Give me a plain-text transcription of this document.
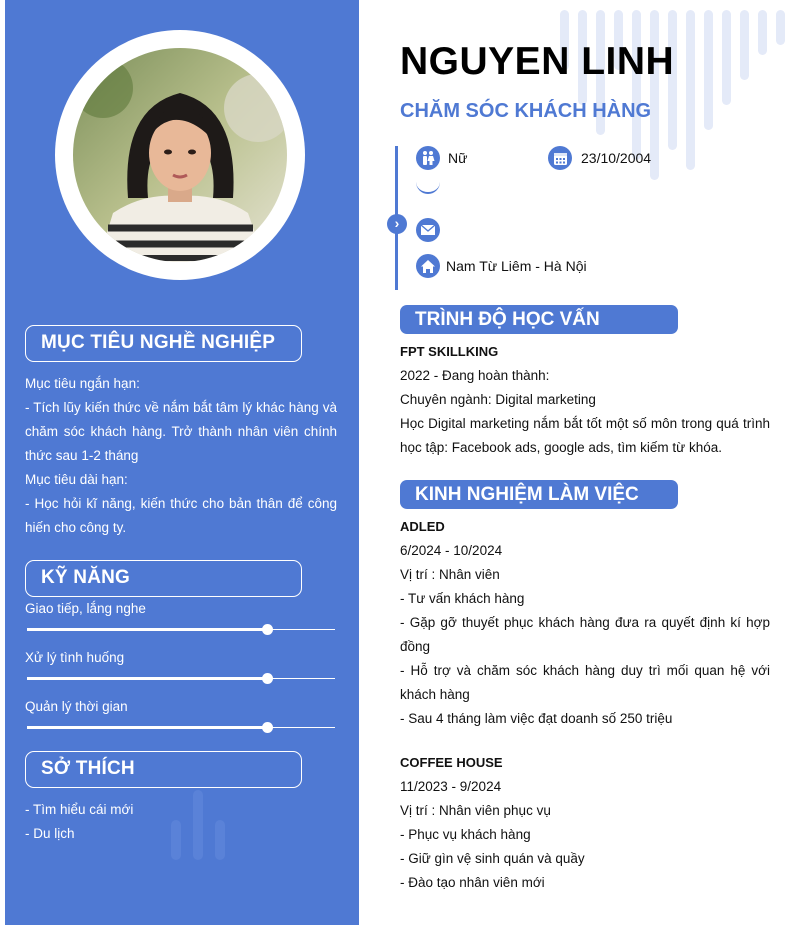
MỤC TIÊU NGHỀ NGHIỆP
Mục tiêu ngắn hạn:
- Tích lũy kiến thức về nắm bắt tâm lý khác hàng và chăm sóc khách hàng. Trở thành nhân viên chính thức sau 1-2 tháng
Mục tiêu dài hạn:
- Học hỏi kĩ năng, kiến thức cho bản thân để công hiến cho công ty.
KỸ NĂNG
Giao tiếp, lắng nghe
Xử lý tình huống
Quản lý thời gian
SỞ THÍCH
- Tìm hiểu cái mới
- Du lịch
NGUYEN LINH
CHĂM SÓC KHÁCH HÀNG
›
Nữ	23/10/2004
Nam Từ Liêm - Hà Nội
TRÌNH ĐỘ HỌC VẤN
FPT SKILLKING
2022 - Đang hoàn thành:
Chuyên ngành: Digital marketing
Học Digital marketing nắm bắt tốt một số môn trong quá trình học tập: Facebook ads, google ads, tìm kiếm từ khóa.
KINH NGHIỆM LÀM VIỆC
ADLED
6/2024 - 10/2024
Vị trí : Nhân viên
- Tư vấn khách hàng
- Gặp gỡ thuyết phục khách hàng đưa ra quyết định kí hợp đồng
- Hỗ trợ và chăm sóc khách hàng duy trì mối quan hệ với khách hàng
- Sau 4 tháng làm việc đạt doanh số 250 triệu
COFFEE HOUSE
11/2023 - 9/2024
Vị trí : Nhân viên phục vụ
- Phục vụ khách hàng
- Giữ gìn vệ sinh quán và quầy
- Đào tạo nhân viên mới
